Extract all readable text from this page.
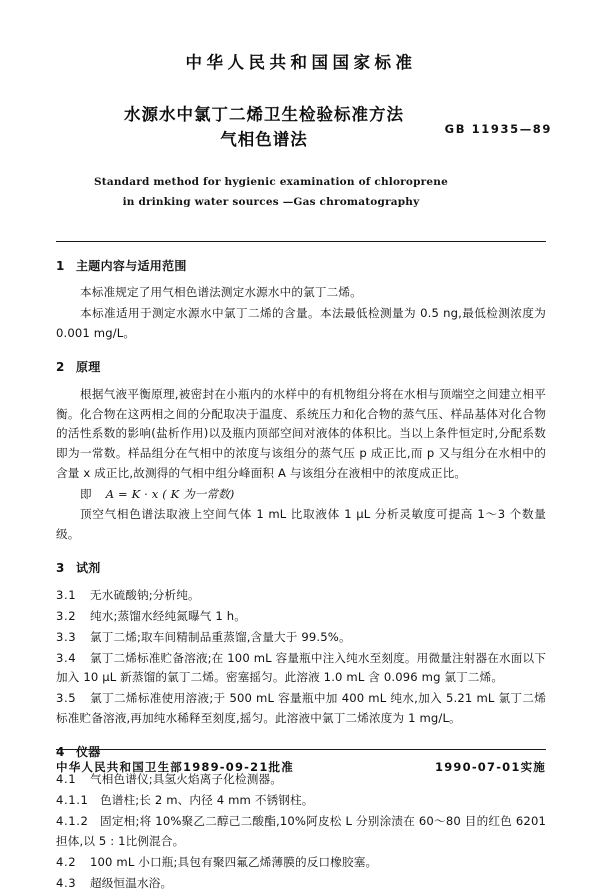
中华人民共和国国家标准
水源水中氯丁二烯卫生检验标准方法
气相色谱法
GB 11935—89
Standard method for hygienic examination of chloroprene
in drinking water sources —Gas chromatography
1 主题内容与适用范围

本标准规定了用气相色谱法测定水源水中的氯丁二烯。

本标准适用于测定水源水中氯丁二烯的含量。本法最低检测量为 0.5 ng,最低检测浓度为 0.001 mg/L。

2 原理

根据气液平衡原理,被密封在小瓶内的水样中的有机物组分将在水相与顶端空之间建立相平衡。化合物在这两相之间的分配取决于温度、系统压力和化合物的蒸气压、样品基体对化合物的活性系数的影响(盐析作用)以及瓶内顶部空间对液体的体积比。当以上条件恒定时,分配系数即为一常数。样品组分在气相中的浓度与该组分的蒸气压 p 成正比,而 p 又与组分在水相中的含量 x 成正比,故测得的气相中组分峰面积 A 与该组分在液相中的浓度成正比。

即 A = K · x ( K 为一常数)

顶空气相色谱法取液上空间气体 1 mL 比取液体 1 μL 分析灵敏度可提高 1～3 个数量级。

3 试剂

3.1 无水硫酸钠;分析纯。

3.2 纯水;蒸馏水经纯氮曝气 1 h。

3.3 氯丁二烯;取车间精制品重蒸馏,含量大于 99.5%。

3.4 氯丁二烯标准贮备溶液;在 100 mL 容量瓶中注入纯水至刻度。用微量注射器在水面以下加入 10 μL 新蒸馏的氯丁二烯。密塞摇匀。此溶液 1.0 mL 含 0.096 mg 氯丁二烯。

3.5 氯丁二烯标准使用溶液;于 500 mL 容量瓶中加 400 mL 纯水,加入 5.21 mL 氯丁二烯标准贮备溶液,再加纯水稀释至刻度,摇匀。此溶液中氯丁二烯浓度为 1 mg/L。

4 仪器

4.1 气相色谱仪;具氢火焰离子化检测器。

4.1.1 色谱柱;长 2 m、内径 4 mm 不锈钢柱。

4.1.2 固定相;将 10%聚乙二醇己二酸酯,10%阿皮松 L 分别涂渍在 60～80 目的红色 6201 担体,以 5 : 1比例混合。

4.2 100 mL 小口瓶;具包有聚四氟乙烯薄膜的反口橡胶塞。

4.3 超级恒温水浴。

中华人民共和国卫生部1989-09-21批准	1990-07-01实施
